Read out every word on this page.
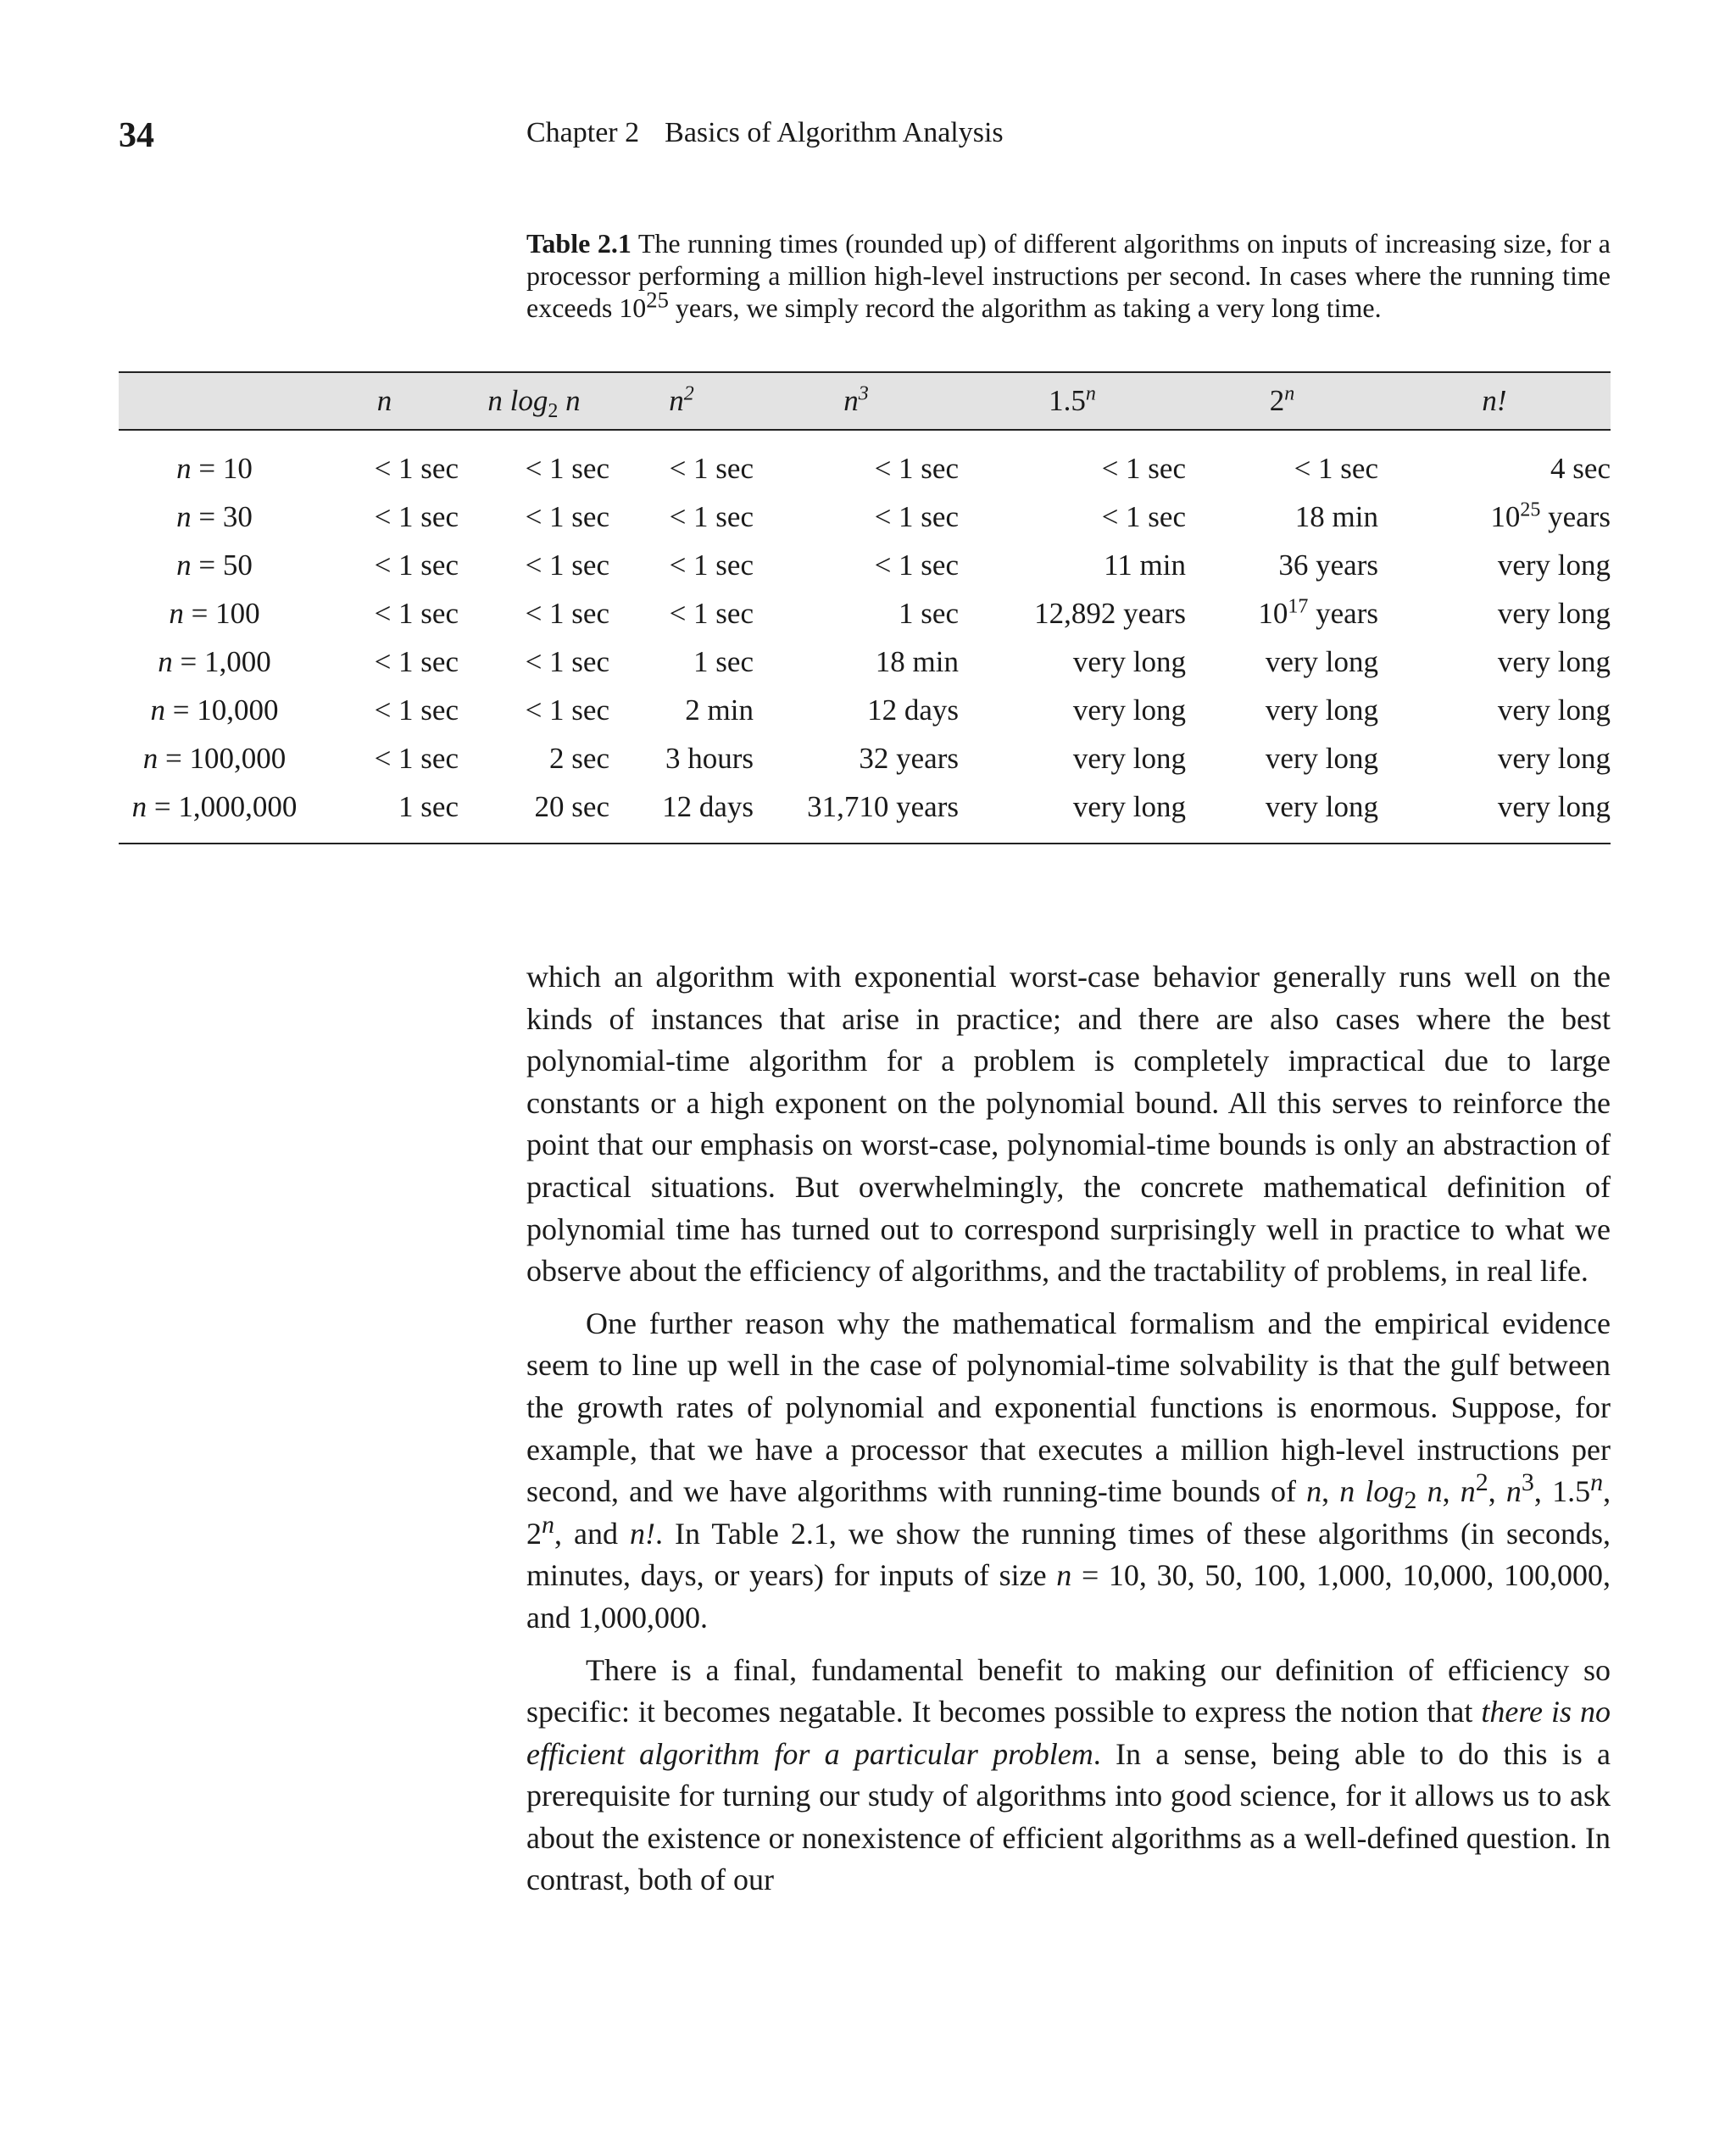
34	Chapter 2 Basics of Algorithm Analysis
Table 2.1 The running times (rounded up) of different algorithms on inputs of increasing size, for a processor performing a million high-level instructions per second. In cases where the running time exceeds $10^{25}$ years, we simply record the algorithm as taking a very long time.
	n	n $\log_2 n$	$n^2$	$n^3$	1.5$^n$	2$^n$	n!
n = 10	< 1 sec	< 1 sec	< 1 sec	< 1 sec	< 1 sec	< 1 sec	4 sec
n = 30	< 1 sec	< 1 sec	< 1 sec	< 1 sec	< 1 sec	18 min	$10^{25}$ years
n = 50	< 1 sec	< 1 sec	< 1 sec	< 1 sec	11 min	36 years	very long
n = 100	< 1 sec	< 1 sec	< 1 sec	1 sec	12,892 years	$10^{17}$ years	very long
n = 1,000	< 1 sec	< 1 sec	1 sec	18 min	very long	very long	very long
n = 10,000	< 1 sec	< 1 sec	2 min	12 days	very long	very long	very long
n = 100,000	< 1 sec	2 sec	3 hours	32 years	very long	very long	very long
n = 1,000,000	1 sec	20 sec	12 days	31,710 years	very long	very long	very long

which an algorithm with exponential worst-case behavior generally runs well on the kinds of instances that arise in practice; and there are also cases where the best polynomial-time algorithm for a problem is completely impractical due to large constants or a high exponent on the polynomial bound. All this serves to reinforce the point that our emphasis on worst-case, polynomial-time bounds is only an abstraction of practical situations. But overwhelmingly, the concrete mathematical definition of polynomial time has turned out to correspond surprisingly well in practice to what we observe about the efficiency of algorithms, and the tractability of problems, in real life.

One further reason why the mathematical formalism and the empirical evidence seem to line up well in the case of polynomial-time solvability is that the gulf between the growth rates of polynomial and exponential functions is enormous. Suppose, for example, that we have a processor that executes a million high-level instructions per second, and we have algorithms with running-time bounds of n, n $\log_2 n$, $n^2$, $n^3$, 1.5$^n$, 2$^n$, and n!. In Table 2.1, we show the running times of these algorithms (in seconds, minutes, days, or years) for inputs of size n = 10, 30, 50, 100, 1,000, 10,000, 100,000, and 1,000,000.

There is a final, fundamental benefit to making our definition of efficiency so specific: it becomes negatable. It becomes possible to express the notion that there is no efficient algorithm for a particular problem. In a sense, being able to do this is a prerequisite for turning our study of algorithms into good science, for it allows us to ask about the existence or nonexistence of efficient algorithms as a well-defined question. In contrast, both of our
